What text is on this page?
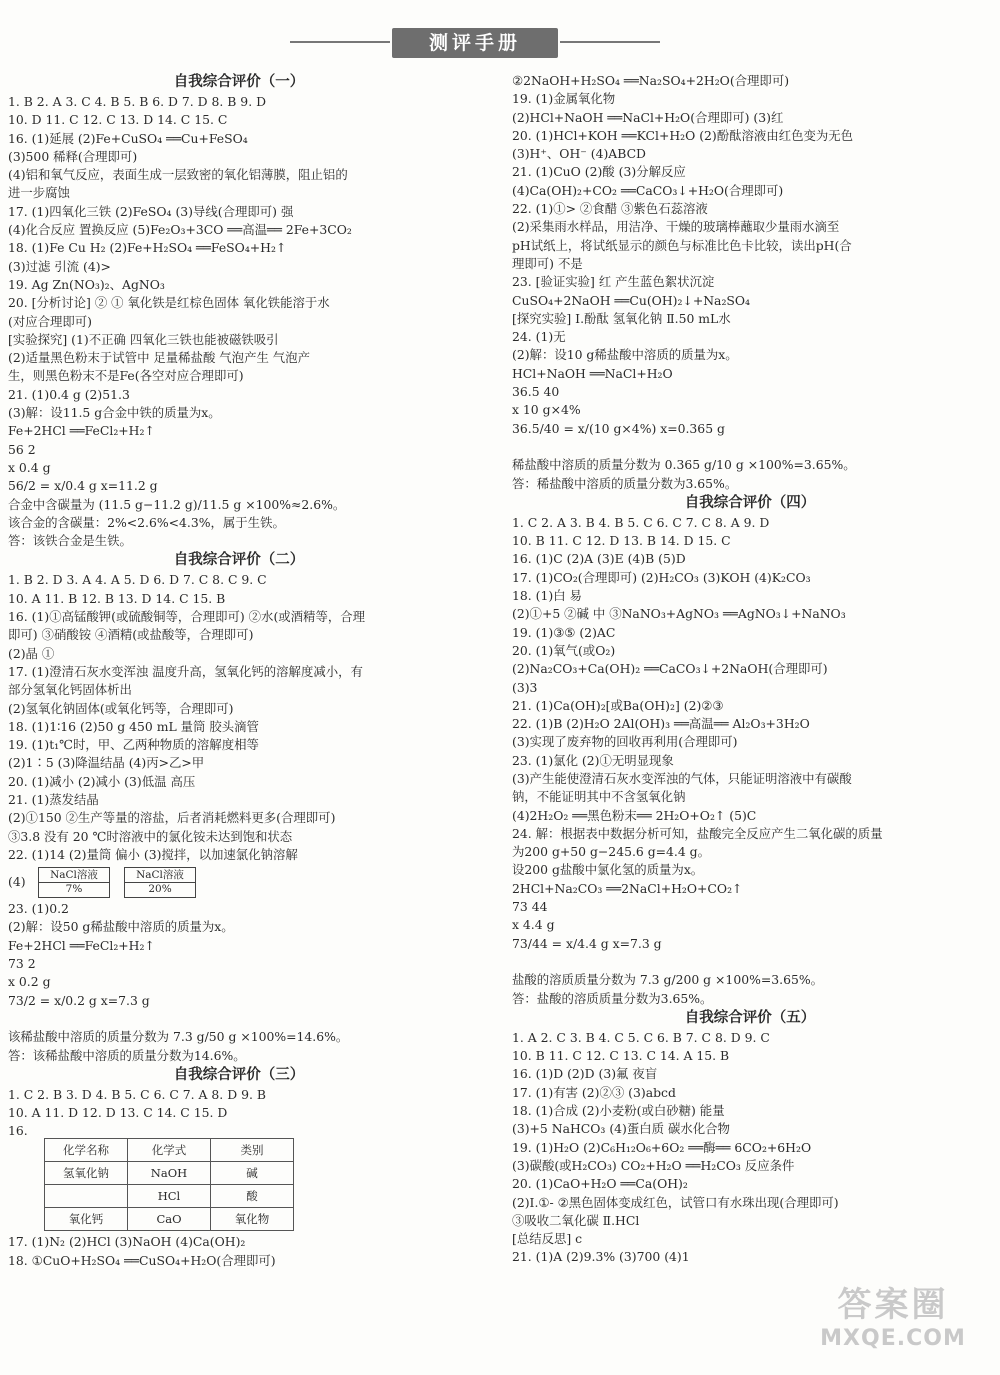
测评手册
自我综合评价（一）
1. B 2. A 3. C 4. B 5. B 6. D 7. D 8. B 9. D
10. D 11. C 12. C 13. D 14. C 15. C
16. (1)延展 (2)Fe+CuSO₄ ══Cu+FeSO₄
(3)500 稀释(合理即可)
(4)铝和氧气反应，表面生成一层致密的氧化铝薄膜，阻止铝的
进一步腐蚀
17. (1)四氧化三铁 (2)FeSO₄ (3)导线(合理即可) 强
(4)化合反应 置换反应 (5)Fe₂O₃+3CO ══高温══ 2Fe+3CO₂
18. (1)Fe Cu H₂ (2)Fe+H₂SO₄ ══FeSO₄+H₂↑
(3)过滤 引流 (4)>
19. Ag Zn(NO₃)₂、AgNO₃
20. [分析讨论] ② ① 氧化铁是红棕色固体 氧化铁能溶于水
(对应合理即可)
[实验探究] (1)不正确 四氧化三铁也能被磁铁吸引
(2)适量黑色粉末于试管中 足量稀盐酸 气泡产生 气泡产
生，则黑色粉末不是Fe(各空对应合理即可)
21. (1)0.4 g (2)51.3
(3)解：设11.5 g合金中铁的质量为x。
Fe+2HCl ══FeCl₂+H₂↑
56 2
x 0.4 g
56/2 = x/0.4 g x=11.2 g
合金中含碳量为 (11.5 g−11.2 g)/11.5 g ×100%≈2.6%。
该合金的含碳量：2%<2.6%<4.3%，属于生铁。
答：该铁合金是生铁。
自我综合评价（二）
1. B 2. D 3. A 4. A 5. D 6. D 7. C 8. C 9. C
10. A 11. B 12. B 13. D 14. C 15. B
16. (1)①高锰酸钾(或硫酸铜等，合理即可) ②水(或酒精等，合理
即可) ③硝酸铵 ④酒精(或盐酸等，合理即可)
(2)晶 ①
17. (1)澄清石灰水变浑浊 温度升高，氢氧化钙的溶解度减小，有
部分氢氧化钙固体析出
(2)氢氧化钠固体(或氧化钙等，合理即可)
18. (1)1∶16 (2)50 g 450 mL 量筒 胶头滴管
19. (1)t₁℃时，甲、乙两种物质的溶解度相等
(2)1∶5 (3)降温结晶 (4)丙>乙>甲
20. (1)减小 (2)减小 (3)低温 高压
21. (1)蒸发结晶
(2)①150 ②生产等量的溶盐，后者消耗燃料更多(合理即可)
③3.8 没有 20 ℃时溶液中的氯化铵未达到饱和状态
22. (1)14 (2)量筒 偏小 (3)搅拌，以加速氯化钠溶解
(4)	NaCl溶液
7%
NaCl溶液
20%
23. (1)0.2
(2)解：设50 g稀盐酸中溶质的质量为x。
Fe+2HCl ══FeCl₂+H₂↑
73 2
x 0.2 g
73/2 = x/0.2 g x=7.3 g
该稀盐酸中溶质的质量分数为 7.3 g/50 g ×100%=14.6%。
答：该稀盐酸中溶质的质量分数为14.6%。
自我综合评价（三）
1. C 2. B 3. D 4. B 5. C 6. C 7. A 8. D 9. B
10. A 11. D 12. D 13. C 14. C 15. D
16.
化学名称	化学式	类别
氢氧化钠	NaOH	碱
	HCl	酸
氧化钙	CaO	氧化物
17. (1)N₂ (2)HCl (3)NaOH (4)Ca(OH)₂
18. ①CuO+H₂SO₄ ══CuSO₄+H₂O(合理即可)
②2NaOH+H₂SO₄ ══Na₂SO₄+2H₂O(合理即可)
19. (1)金属氧化物
(2)HCl+NaOH ══NaCl+H₂O(合理即可) (3)红
20. (1)HCl+KOH ══KCl+H₂O (2)酚酞溶液由红色变为无色
(3)H⁺、OH⁻ (4)ABCD
21. (1)CuO (2)酸 (3)分解反应
(4)Ca(OH)₂+CO₂ ══CaCO₃↓+H₂O(合理即可)
22. (1)①> ②食醋 ③紫色石蕊溶液
(2)采集雨水样品，用洁净、干燥的玻璃棒蘸取少量雨水滴至
pH试纸上，将试纸显示的颜色与标准比色卡比较，读出pH(合
理即可) 不是
23. [验证实验] 红 产生蓝色絮状沉淀
CuSO₄+2NaOH ══Cu(OH)₂↓+Na₂SO₄
[探究实验] Ⅰ.酚酞 氢氧化钠 Ⅱ.50 mL水
24. (1)无
(2)解：设10 g稀盐酸中溶质的质量为x。
HCl+NaOH ══NaCl+H₂O
36.5 40
x 10 g×4%
36.5/40 = x/(10 g×4%) x=0.365 g
稀盐酸中溶质的质量分数为 0.365 g/10 g ×100%=3.65%。
答：稀盐酸中溶质的质量分数为3.65%。
自我综合评价（四）
1. C 2. A 3. B 4. B 5. C 6. C 7. C 8. A 9. D
10. B 11. C 12. D 13. B 14. D 15. C
16. (1)C (2)A (3)E (4)B (5)D
17. (1)CO₂(合理即可) (2)H₂CO₃ (3)KOH (4)K₂CO₃
18. (1)白 易
(2)①+5 ②碱 中 ③NaNO₃+AgNO₃ ══AgNO₃↓+NaNO₃
19. (1)③⑤ (2)AC
20. (1)氧气(或O₂)
(2)Na₂CO₃+Ca(OH)₂ ══CaCO₃↓+2NaOH(合理即可)
(3)3
21. (1)Ca(OH)₂[或Ba(OH)₂] (2)②③
22. (1)B (2)H₂O 2Al(OH)₃ ══高温══ Al₂O₃+3H₂O
(3)实现了废弃物的回收再利用(合理即可)
23. (1)氯化 (2)①无明显现象
(3)产生能使澄清石灰水变浑浊的气体，只能证明溶液中有碳酸
钠，不能证明其中不含氢氧化钠
(4)2H₂O₂ ══黑色粉末══ 2H₂O+O₂↑ (5)C
24. 解：根据表中数据分析可知，盐酸完全反应产生二氧化碳的质量
为200 g+50 g−245.6 g=4.4 g。
设200 g盐酸中氯化氢的质量为x。
2HCl+Na₂CO₃ ══2NaCl+H₂O+CO₂↑
73 44
x 4.4 g
73/44 = x/4.4 g x=7.3 g
盐酸的溶质质量分数为 7.3 g/200 g ×100%=3.65%。
答：盐酸的溶质质量分数为3.65%。
自我综合评价（五）
1. A 2. C 3. B 4. C 5. C 6. B 7. C 8. D 9. C
10. B 11. C 12. C 13. C 14. A 15. B
16. (1)D (2)D (3)氟 夜盲
17. (1)有害 (2)②③ (3)abcd
18. (1)合成 (2)小麦粉(或白砂糖) 能量
(3)+5 NaHCO₃ (4)蛋白质 碳水化合物
19. (1)H₂O (2)C₆H₁₂O₆+6O₂ ══酶══ 6CO₂+6H₂O
(3)碳酸(或H₂CO₃) CO₂+H₂O ══H₂CO₃ 反应条件
20. (1)CaO+H₂O ══Ca(OH)₂
(2)Ⅰ.①- ②黑色固体变成红色，试管口有水珠出现(合理即可)
③吸收二氧化碳 Ⅱ.HCl
[总结反思] c
21. (1)A (2)9.3% (3)700 (4)1
答案圈
MXQE.COM
